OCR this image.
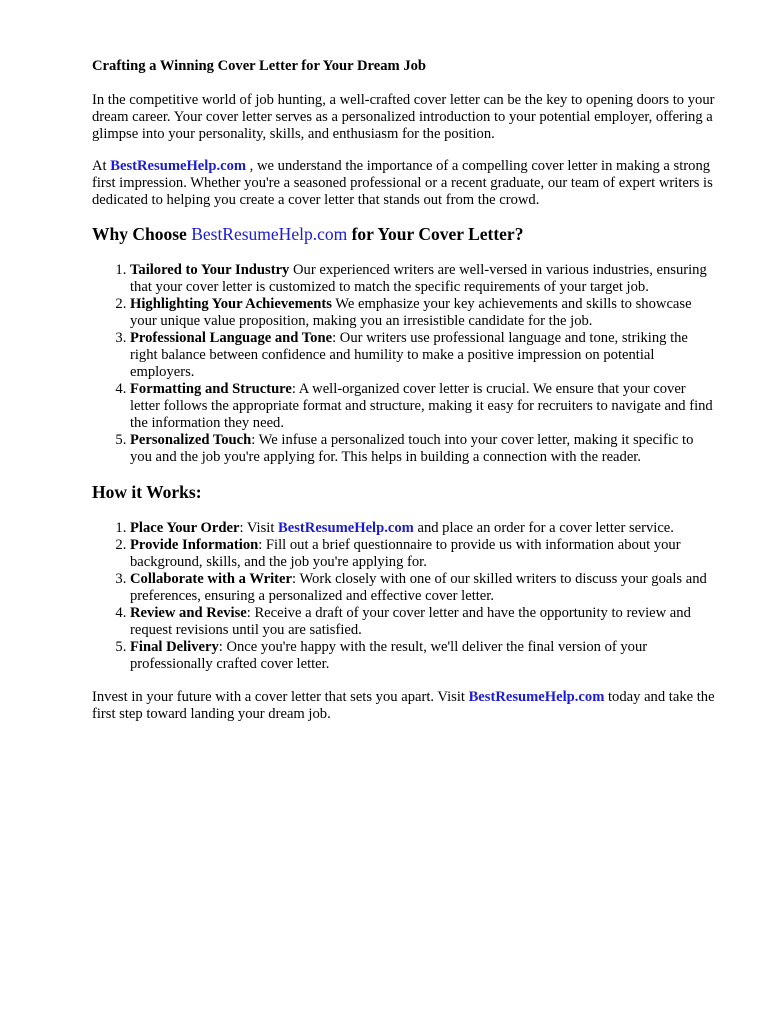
Crafting a Winning Cover Letter for Your Dream Job

In the competitive world of job hunting, a well-crafted cover letter can be the key to opening doors to your dream career. Your cover letter serves as a personalized introduction to your potential employer, offering a glimpse into your personality, skills, and enthusiasm for the position.

At BestResumeHelp.com , we understand the importance of a compelling cover letter in making a strong first impression. Whether you're a seasoned professional or a recent graduate, our team of expert writers is dedicated to helping you create a cover letter that stands out from the crowd.

Why Choose BestResumeHelp.com for Your Cover Letter?
1. Tailored to Your Industry Our experienced writers are well-versed in various industries, ensuring that your cover letter is customized to match the specific requirements of your target job.
2. Highlighting Your Achievements We emphasize your key achievements and skills to showcase your unique value proposition, making you an irresistible candidate for the job.
3. Professional Language and Tone: Our writers use professional language and tone, striking the right balance between confidence and humility to make a positive impression on potential employers.
4. Formatting and Structure: A well-organized cover letter is crucial. We ensure that your cover letter follows the appropriate format and structure, making it easy for recruiters to navigate and find the information they need.
5. Personalized Touch: We infuse a personalized touch into your cover letter, making it specific to you and the job you're applying for. This helps in building a connection with the reader.
How it Works:
1. Place Your Order: Visit BestResumeHelp.com and place an order for a cover letter service.
2. Provide Information: Fill out a brief questionnaire to provide us with information about your background, skills, and the job you're applying for.
3. Collaborate with a Writer: Work closely with one of our skilled writers to discuss your goals and preferences, ensuring a personalized and effective cover letter.
4. Review and Revise: Receive a draft of your cover letter and have the opportunity to review and request revisions until you are satisfied.
5. Final Delivery: Once you're happy with the result, we'll deliver the final version of your professionally crafted cover letter.

Invest in your future with a cover letter that sets you apart. Visit BestResumeHelp.com today and take the first step toward landing your dream job.
